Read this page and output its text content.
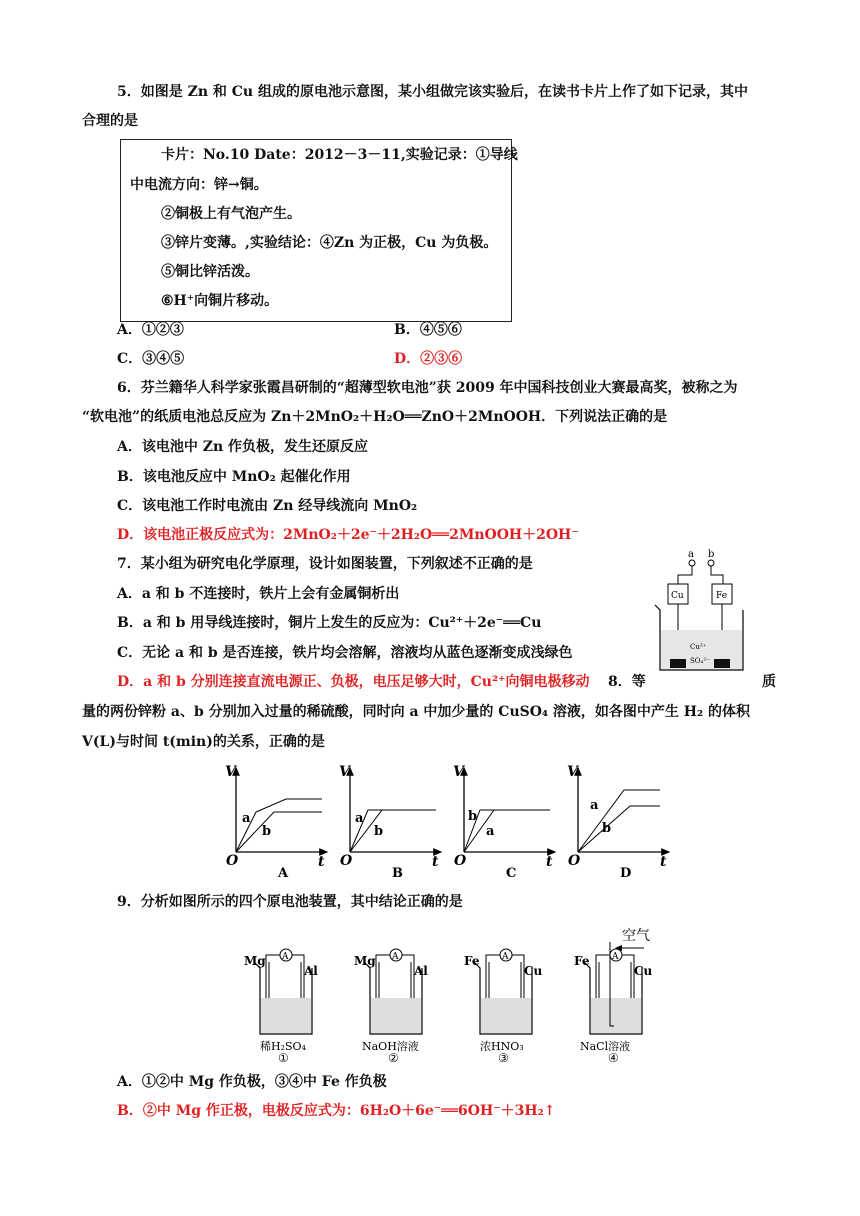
5．如图是 Zn 和 Cu 组成的原电池示意图，某小组做完该实验后，在读书卡片上作了如下记录，其中
合理的是
卡片：No.10 Date：2012－3－11,实验记录：①导线
中电流方向：锌→铜。
②铜极上有气泡产生。
③锌片变薄。,实验结论：④Zn 为正极，Cu 为负极。
⑤铜比锌活泼。
⑥H⁺向铜片移动。
A．①②③	B．④⑤⑥
C．③④⑤	D．②③⑥
6．芬兰籍华人科学家张霞昌研制的“超薄型软电池”获 2009 年中国科技创业大赛最高奖，被称之为
“软电池”的纸质电池总反应为 Zn＋2MnO₂＋H₂O══ZnO＋2MnOOH．下列说法正确的是
A．该电池中 Zn 作负极，发生还原反应
B．该电池反应中 MnO₂ 起催化作用
C．该电池工作时电流由 Zn 经导线流向 MnO₂
D．该电池正极反应式为：2MnO₂＋2e⁻＋2H₂O══2MnOOH＋2OH⁻
7．某小组为研究电化学原理，设计如图装置，下列叙述不正确的是
A．a 和 b 不连接时，铁片上会有金属铜析出
B．a 和 b 用导线连接时，铜片上发生的反应为：Cu²⁺＋2e⁻══Cu
C．无论 a 和 b 是否连接，铁片均会溶解，溶液均从蓝色逐渐变成浅绿色
D．a 和 b 分别连接直流电源正、负极，电压足够大时，Cu²⁺向铜电极移动 8．等	质
a b
Cu	Fe
Cu²⁺
SO₄²⁻
量的两份锌粉 a、b 分别加入过量的稀硫酸，同时向 a 中加少量的 CuSO₄ 溶液，如各图中产生 H₂ 的体积
V(L)与时间 t(min)的关系，正确的是
V
t
O
a
b
A
V
t
O
a
b
B
V
t
O
b
a
C
V
t
O
a
b
D
9．分析如图所示的四个原电池装置，其中结论正确的是
A
Mg
Al
稀H₂SO₄
①
A
Mg
Al
NaOH溶液
②
A
Fe
Cu
浓HNO₃
③
A
空气
Fe
Cu
NaCl溶液
④
A．①②中 Mg 作负极，③④中 Fe 作负极
B．②中 Mg 作正极，电极反应式为：6H₂O＋6e⁻══6OH⁻＋3H₂↑
